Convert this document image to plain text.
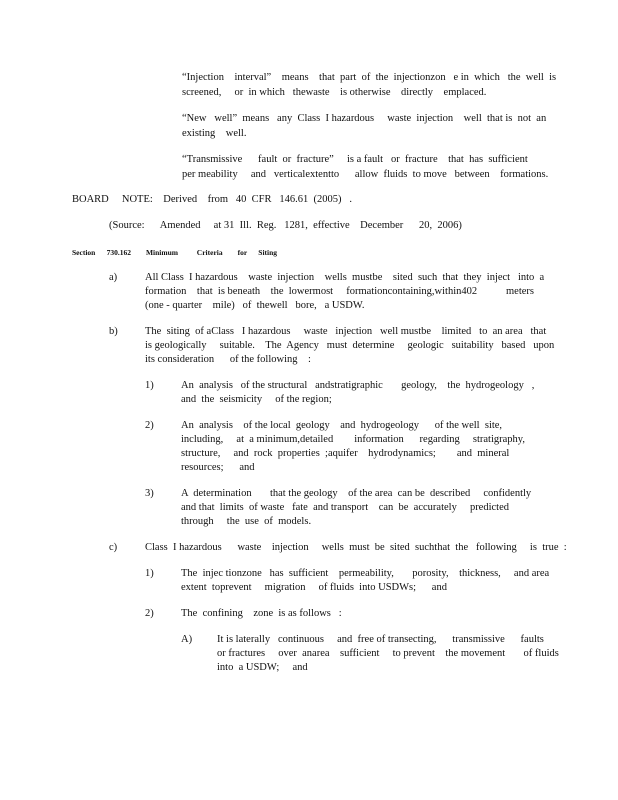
“Injection    interval”    means    that  part  of  the  injectionzon   e in  which   the  well  is
screened,     or  in which   thewaste    is otherwise    directly    emplaced.
“New   well”  means   any  Class  I hazardous     waste  injection    well  that is  not  an
existing    well.
“Transmissive      fault  or  fracture”     is a fault   or  fracture    that  has  sufficient
per meability     and   verticalextentto      allow  fluids  to move   between    formations.
BOARD     NOTE:    Derived    from   40  CFR   146.61  (2005)   .
(Source:      Amended     at 31  Ill.  Reg.   1281,  effective    December      20,  2006)
Section      730.162        Minimum          Criteria        for      Siting
a)	All Class  I hazardous    waste  injection    wells  mustbe    sited  such  that  they  inject   into  a
formation    that  is beneath    the  lowermost     formationcontaining,within402           meters
(one - quarter    mile)   of  thewell   bore,   a USDW.
b)	The  siting  of aClass   I hazardous     waste   injection   well mustbe    limited   to  an area   that
is geologically     suitable.    The  Agency   must  determine     geologic   suitability   based   upon
its consideration      of the following    :
1)	An  analysis   of the structural   andstratigraphic       geology,    the  hydrogeology   ,
and  the  seismicity     of the region;
2)	An  analysis    of the local  geology    and  hydrogeology      of the well  site,
including,     at  a minimum,detailed        information      regarding     stratigraphy,
structure,     and  rock  properties  ;aquifer    hydrodynamics;        and  mineral
resources;      and
3)	A  determination       that the geology    of the area  can be  described     confidently
and that  limits  of waste   fate  and transport    can  be  accurately     predicted
through     the  use  of  models.
c)	Class  I hazardous      waste    injection     wells  must  be  sited  suchthat  the   following     is  true  :
1)	The  injec tionzone   has  sufficient    permeability,       porosity,    thickness,     and area
extent  toprevent     migration     of fluids  into USDWs;      and
2)	The  confining    zone  is as follows   :
A) It is laterally   continuous     and  free of transecting,      transmissive      faults
or fractures     over  anarea    sufficient     to prevent    the movement       of fluids
into  a USDW;     and
